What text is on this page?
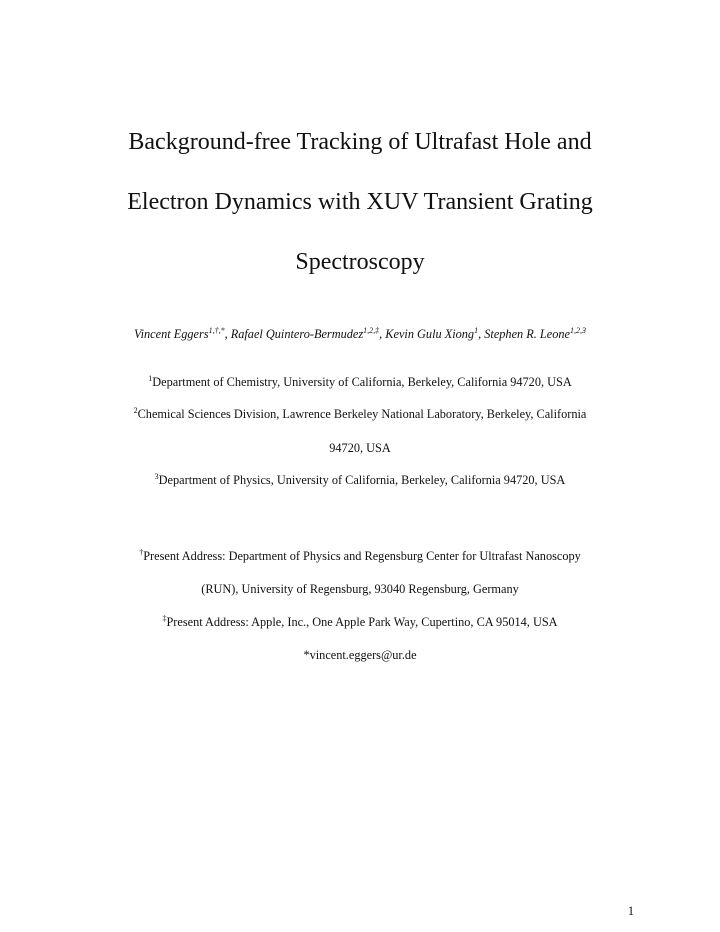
Background-free Tracking of Ultrafast Hole and
Electron Dynamics with XUV Transient Grating
Spectroscopy
Vincent Eggers$^{1,\dagger,*}$, Rafael Quintero-Bermudez$^{1,2,\ddagger}$, Kevin Gulu Xiong$^1$, Stephen R. Leone$^{1,2,3}$
$^1$Department of Chemistry, University of California, Berkeley, California 94720, USA
$^2$Chemical Sciences Division, Lawrence Berkeley National Laboratory, Berkeley, California
94720, USA
$^3$Department of Physics, University of California, Berkeley, California 94720, USA
†Present Address: Department of Physics and Regensburg Center for Ultrafast Nanoscopy
(RUN), University of Regensburg, 93040 Regensburg, Germany
‡Present Address: Apple, Inc., One Apple Park Way, Cupertino, CA 95014, USA
*vincent.eggers@ur.de
1
